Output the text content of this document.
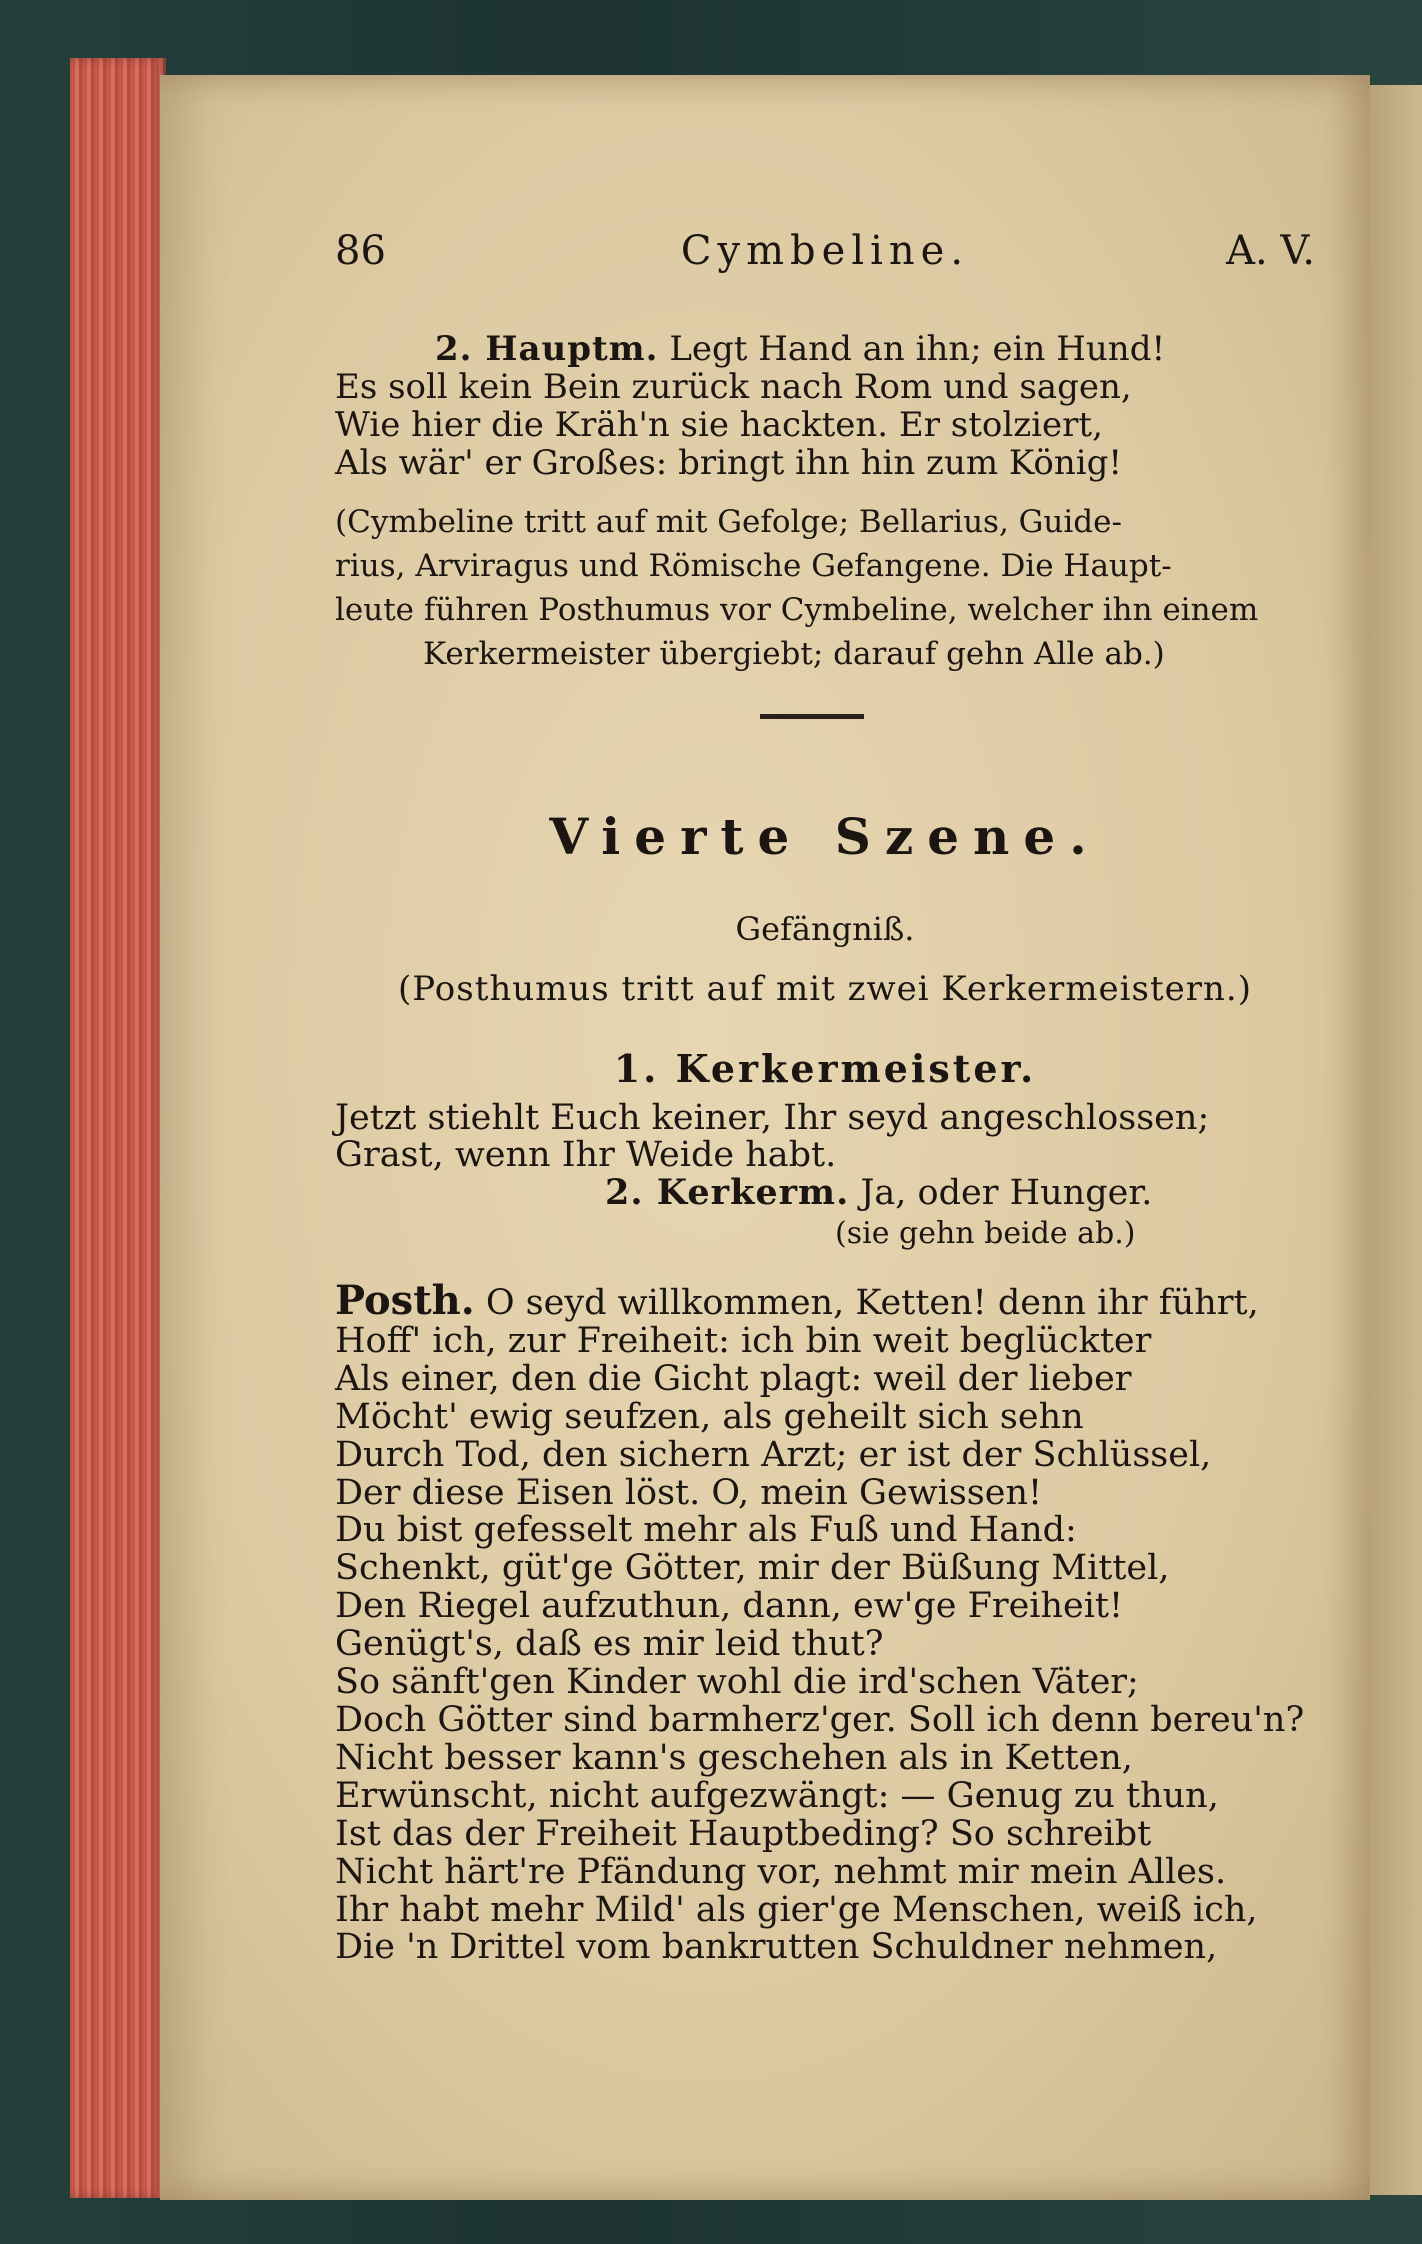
86	Cymbeline.	A. V.
2. Hauptm. Legt Hand an ihn; ein Hund!
Es soll kein Bein zurück nach Rom und sagen,
Wie hier die Kräh'n sie hackten. Er stolziert,
Als wär' er Großes: bringt ihn hin zum König!
(Cymbeline tritt auf mit Gefolge; Bellarius, Guide-
rius, Arviragus und Römische Gefangene. Die Haupt-
leute führen Posthumus vor Cymbeline, welcher ihn einem
Kerkermeister übergiebt; darauf gehn Alle ab.)
Vierte Szene.
Gefängniß.
(Posthumus tritt auf mit zwei Kerkermeistern.)
1. Kerkermeister.
Jetzt stiehlt Euch keiner, Ihr seyd angeschlossen;
Grast, wenn Ihr Weide habt.
2. Kerkerm. Ja, oder Hunger.
(sie gehn beide ab.)
Posth. O seyd willkommen, Ketten! denn ihr führt,
Hoff' ich, zur Freiheit: ich bin weit beglückter
Als einer, den die Gicht plagt: weil der lieber
Möcht' ewig seufzen, als geheilt sich sehn
Durch Tod, den sichern Arzt; er ist der Schlüssel,
Der diese Eisen löst. O, mein Gewissen!
Du bist gefesselt mehr als Fuß und Hand:
Schenkt, güt'ge Götter, mir der Büßung Mittel,
Den Riegel aufzuthun, dann, ew'ge Freiheit!
Genügt's, daß es mir leid thut?
So sänft'gen Kinder wohl die ird'schen Väter;
Doch Götter sind barmherz'ger. Soll ich denn bereu'n?
Nicht besser kann's geschehen als in Ketten,
Erwünscht, nicht aufgezwängt: — Genug zu thun,
Ist das der Freiheit Hauptbeding? So schreibt
Nicht härt're Pfändung vor, nehmt mir mein Alles.
Ihr habt mehr Mild' als gier'ge Menschen, weiß ich,
Die 'n Drittel vom bankrutten Schuldner nehmen,
